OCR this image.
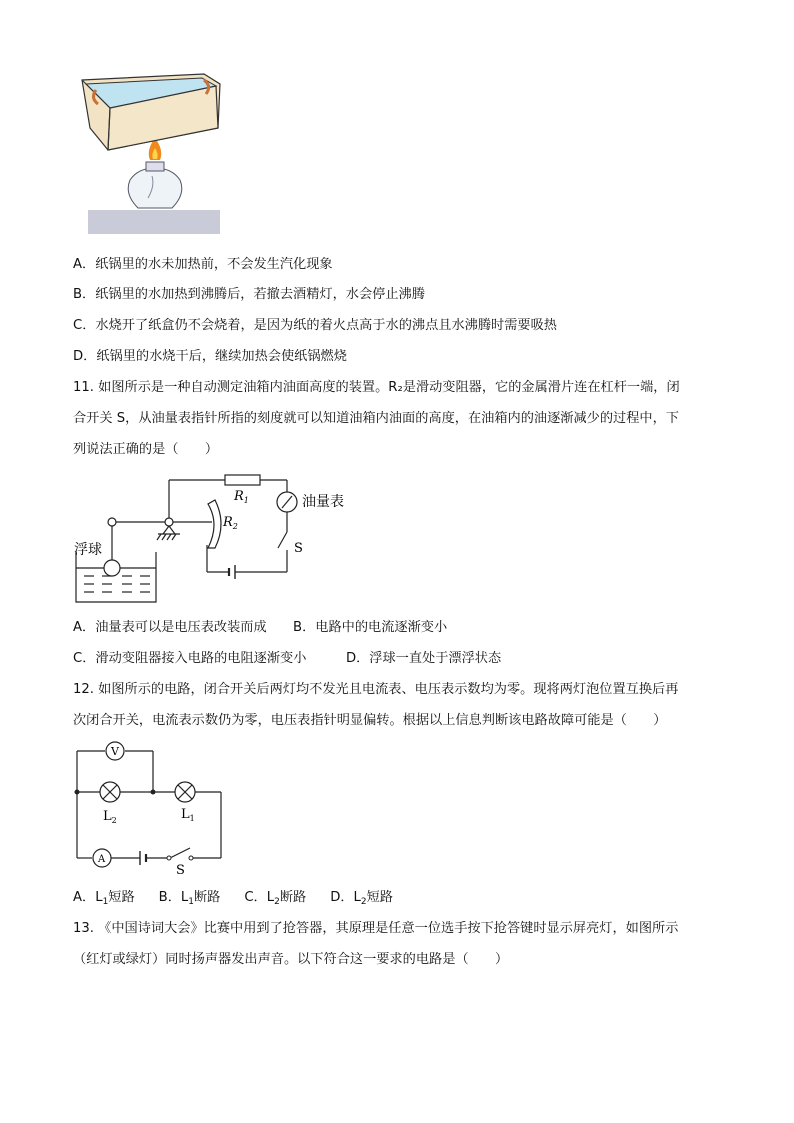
A．纸锅里的水未加热前，不会发生汽化现象
B．纸锅里的水加热到沸腾后，若撤去酒精灯，水会停止沸腾
C．水烧开了纸盒仍不会烧着，是因为纸的着火点高于水的沸点且水沸腾时需要吸热
D．纸锅里的水烧干后，继续加热会使纸锅燃烧
11. 如图所示是一种自动测定油箱内油面高度的装置。R₂是滑动变阻器，它的金属滑片连在杠杆一端，闭
合开关 S，从油量表指针所指的刻度就可以知道油箱内油面的高度，在油箱内的油逐渐减少的过程中，下
列说法正确的是（　　）
$R_1$
$R_2$
油量表
浮球	S
A．油量表可以是电压表改装而成　　B．电路中的电流逐渐变小
C．滑动变阻器接入电路的电阻逐渐变小　　　D．浮球一直处于漂浮状态
12. 如图所示的电路，闭合开关后两灯均不发光且电流表、电压表示数均为零。现将两灯泡位置互换后再
次闭合开关，电流表示数仍为零，电压表指针明显偏转。根据以上信息判断该电路故障可能是（　　）
V
A
$L_2$	$L_1$
S
A．$L_1$短路   B．$L_1$断路   C．$L_2$断路   D．$L_2$短路
13. 《中国诗词大会》比赛中用到了抢答器，其原理是任意一位选手按下抢答键时显示屏亮灯，如图所示
（红灯或绿灯）同时扬声器发出声音。以下符合这一要求的电路是（　　）
